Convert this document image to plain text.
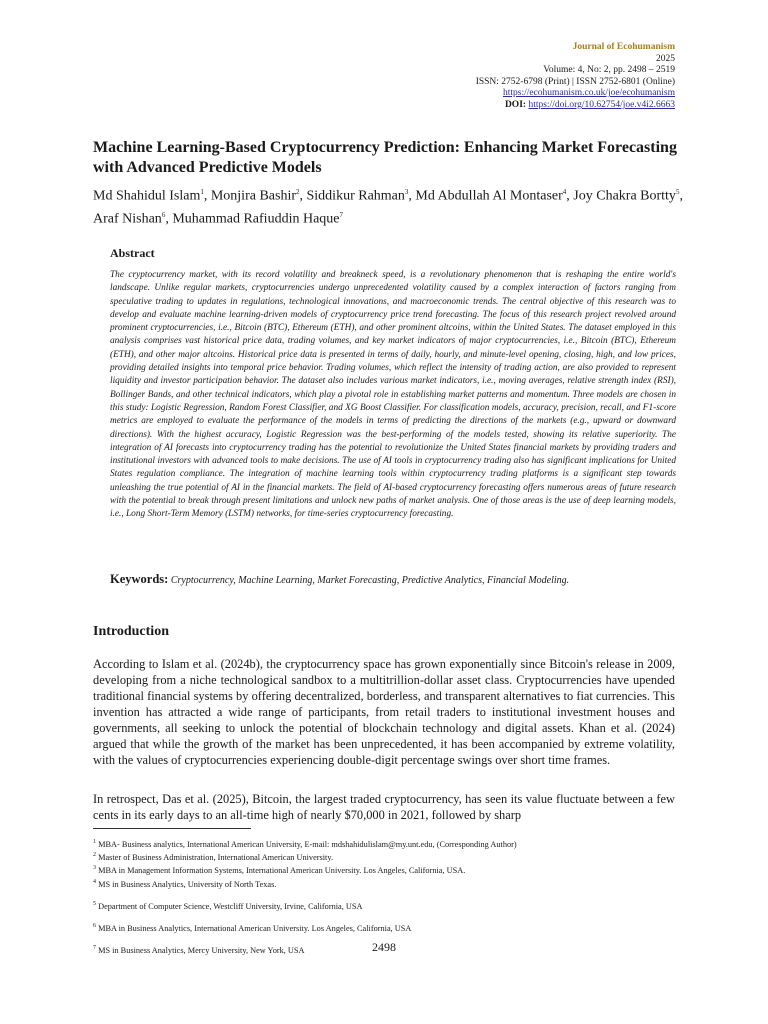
Journal of Ecohumanism
2025
Volume: 4, No: 2, pp. 2498 – 2519
ISSN: 2752-6798 (Print) | ISSN 2752-6801 (Online)
https://ecohumanism.co.uk/joe/ecohumanism
DOI: https://doi.org/10.62754/joe.v4i2.6663
Machine Learning-Based Cryptocurrency Prediction: Enhancing Market Forecasting with Advanced Predictive Models
Md Shahidul Islam$^1$, Monjira Bashir$^2$, Siddikur Rahman$^3$, Md Abdullah Al Montaser$^4$, Joy Chakra Bortty$^5$, Araf Nishan$^6$, Muhammad Rafiuddin Haque$^7$
Abstract

The cryptocurrency market, with its record volatility and breakneck speed, is a revolutionary phenomenon that is reshaping the entire world's landscape. Unlike regular markets, cryptocurrencies undergo unprecedented volatility caused by a complex interaction of factors ranging from speculative trading to updates in regulations, technological innovations, and macroeconomic trends. The central objective of this research was to develop and evaluate machine learning-driven models of cryptocurrency price trend forecasting. The focus of this research project revolved around prominent cryptocurrencies, i.e., Bitcoin (BTC), Ethereum (ETH), and other prominent altcoins, within the United States. The dataset employed in this analysis comprises vast historical price data, trading volumes, and key market indicators of major cryptocurrencies, i.e., Bitcoin (BTC), Ethereum (ETH), and other major altcoins. Historical price data is presented in terms of daily, hourly, and minute-level opening, closing, high, and low prices, providing detailed insights into temporal price behavior. Trading volumes, which reflect the intensity of trading action, are also provided to represent liquidity and investor participation behavior. The dataset also includes various market indicators, i.e., moving averages, relative strength index (RSI), Bollinger Bands, and other technical indicators, which play a pivotal role in establishing market patterns and momentum. Three models are chosen in this study: Logistic Regression, Random Forest Classifier, and XG Boost Classifier. For classification models, accuracy, precision, recall, and F1-score metrics are employed to evaluate the performance of the models in terms of predicting the directions of the markets (e.g., upward or downward directions). With the highest accuracy, Logistic Regression was the best-performing of the models tested, showing its relative superiority. The integration of AI forecasts into cryptocurrency trading has the potential to revolutionize the United States financial markets by providing traders and institutional investors with advanced tools to make decisions. The use of AI tools in cryptocurrency trading also has significant implications for United States regulation compliance. The integration of machine learning tools within cryptocurrency trading platforms is a significant step towards unleashing the true potential of AI in the financial markets. The field of AI-based cryptocurrency forecasting offers numerous areas of future research with the potential to break through present limitations and unlock new paths of market analysis. One of those areas is the use of deep learning models, i.e., Long Short-Term Memory (LSTM) networks, for time-series cryptocurrency forecasting.

Keywords: Cryptocurrency, Machine Learning, Market Forecasting, Predictive Analytics, Financial Modeling.
Introduction

According to Islam et al. (2024b), the cryptocurrency space has grown exponentially since Bitcoin's release in 2009, developing from a niche technological sandbox to a multitrillion-dollar asset class. Cryptocurrencies have upended traditional financial systems by offering decentralized, borderless, and transparent alternatives to fiat currencies. This invention has attracted a wide range of participants, from retail traders to institutional investment houses and governments, all seeking to unlock the potential of blockchain technology and digital assets. Khan et al. (2024) argued that while the growth of the market has been unprecedented, it has been accompanied by extreme volatility, with the values of cryptocurrencies experiencing double-digit percentage swings over short time frames.

In retrospect, Das et al. (2025), Bitcoin, the largest traded cryptocurrency, has seen its value fluctuate between a few cents in its early days to an all-time high of nearly $70,000 in 2021, followed by sharp

$^1$ MBA- Business analytics, International American University, E-mail: mdshahidulislam@my.unt.edu, (Corresponding Author)

$^2$ Master of Business Administration, International American University.

$^3$ MBA in Management Information Systems, International American University. Los Angeles, California, USA.

$^4$ MS in Business Analytics, University of North Texas.

$^5$ Department of Computer Science, Westcliff University, Irvine, California, USA

$^6$ MBA in Business Analytics, International American University. Los Angeles, California, USA

$^7$ MS in Business Analytics, Mercy University, New York, USA	2498
